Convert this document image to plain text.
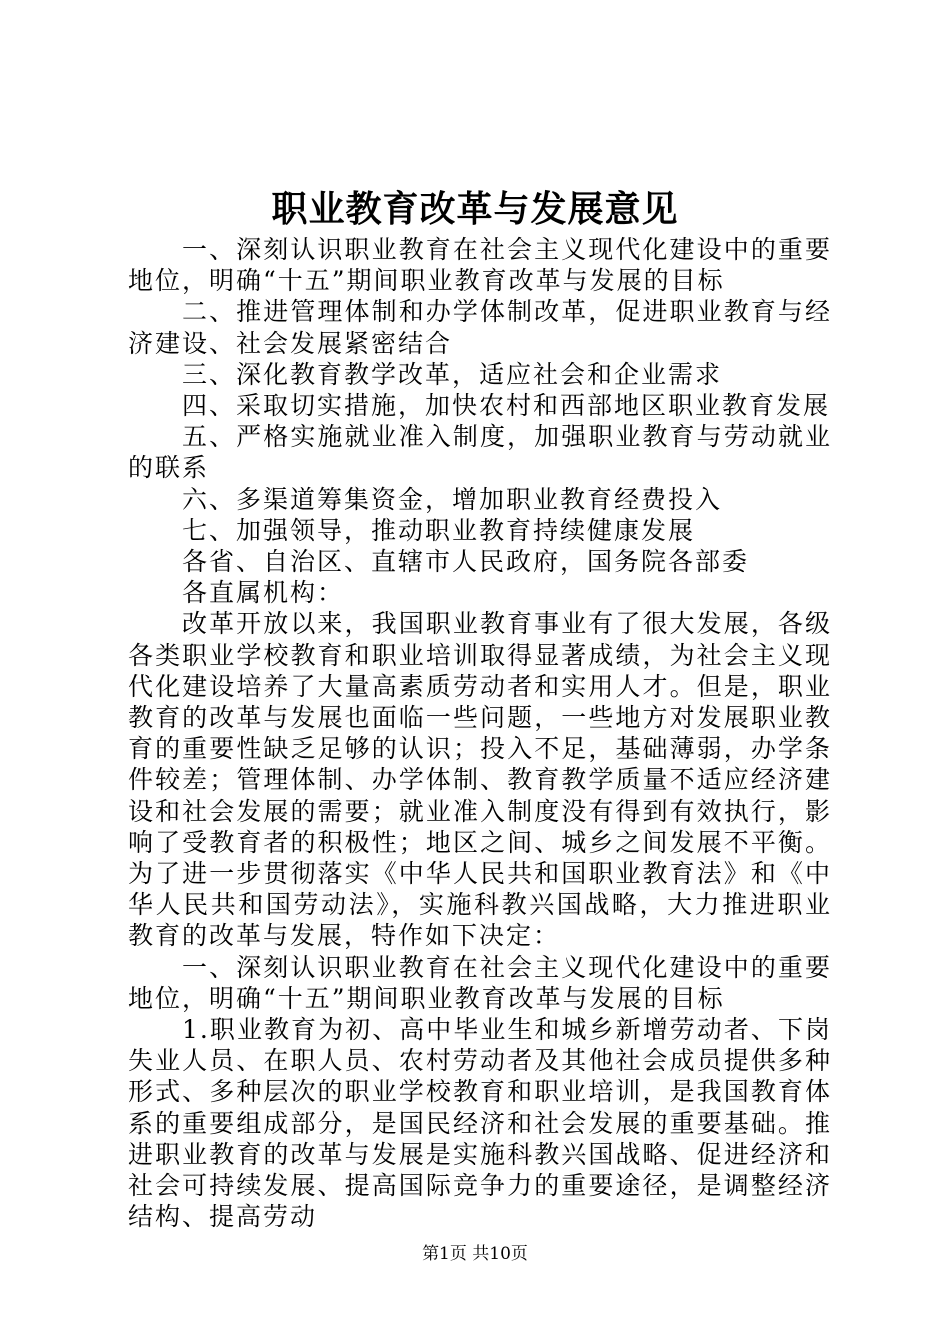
职业教育改革与发展意见

一、深刻认识职业教育在社会主义现代化建设中的重要地位，明确“十五”期间职业教育改革与发展的目标

二、推进管理体制和办学体制改革，促进职业教育与经济建设、社会发展紧密结合

三、深化教育教学改革，适应社会和企业需求

四、采取切实措施，加快农村和西部地区职业教育发展

五、严格实施就业准入制度，加强职业教育与劳动就业的联系

六、多渠道筹集资金，增加职业教育经费投入

七、加强领导，推动职业教育持续健康发展

各省、自治区、直辖市人民政府，国务院各部委

各直属机构：

改革开放以来，我国职业教育事业有了很大发展，各级各类职业学校教育和职业培训取得显著成绩，为社会主义现代化建设培养了大量高素质劳动者和实用人才。但是，职业教育的改革与发展也面临一些问题，一些地方对发展职业教育的重要性缺乏足够的认识；投入不足，基础薄弱，办学条件较差；管理体制、办学体制、教育教学质量不适应经济建设和社会发展的需要；就业准入制度没有得到有效执行，影响了受教育者的积极性；地区之间、城乡之间发展不平衡。为了进一步贯彻落实《中华人民共和国职业教育法》和《中华人民共和国劳动法》，实施科教兴国战略，大力推进职业教育的改革与发展，特作如下决定：

一、深刻认识职业教育在社会主义现代化建设中的重要地位，明确“十五”期间职业教育改革与发展的目标

1.职业教育为初、高中毕业生和城乡新增劳动者、下岗失业人员、在职人员、农村劳动者及其他社会成员提供多种形式、多种层次的职业学校教育和职业培训，是我国教育体系的重要组成部分，是国民经济和社会发展的重要基础。推进职业教育的改革与发展是实施科教兴国战略、促进经济和社会可持续发展、提高国际竞争力的重要途径，是调整经济结构、提高劳动

第1页 共10页
